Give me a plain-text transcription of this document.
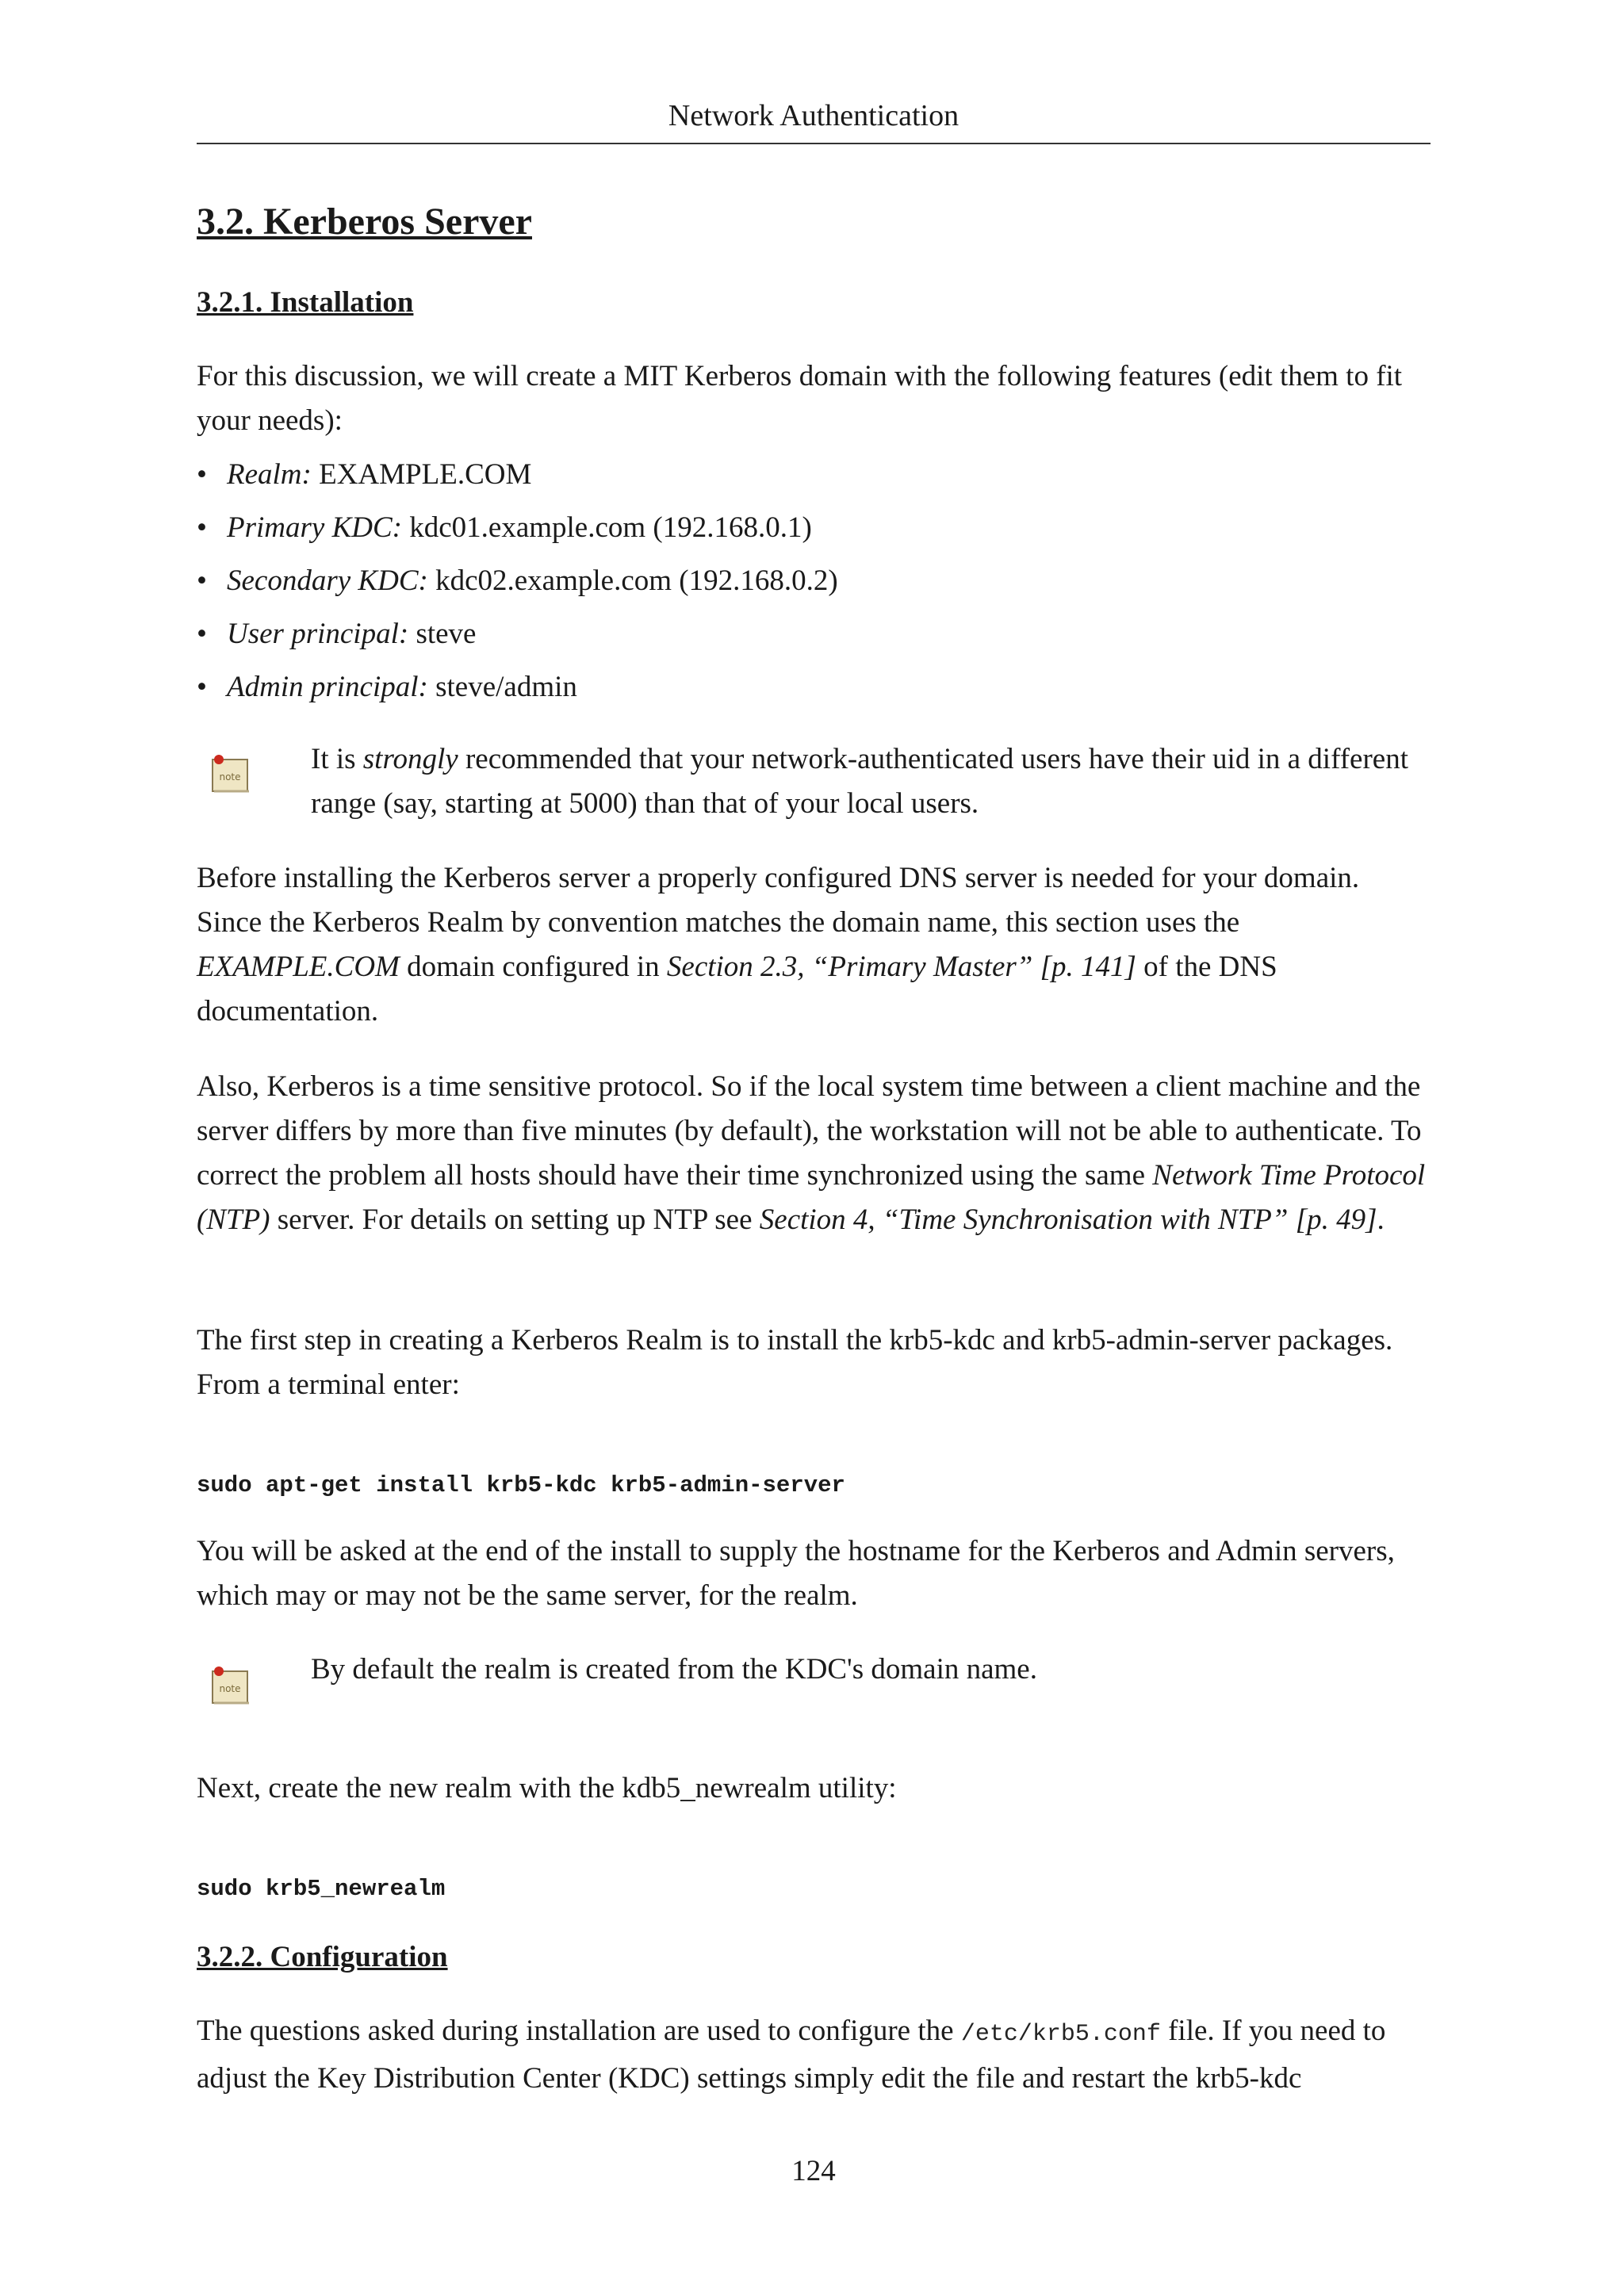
Network Authentication
3.2. Kerberos Server
3.2.1. Installation

For this discussion, we will create a MIT Kerberos domain with the following features (edit them to fit your needs):

• Realm: EXAMPLE.COM
• Primary KDC: kdc01.example.com (192.168.0.1)
• Secondary KDC: kdc02.example.com (192.168.0.2)
• User principal: steve
• Admin principal: steve/admin
note
It is strongly recommended that your network-authenticated users have their uid in a different range (say, starting at 5000) than that of your local users.

Before installing the Kerberos server a properly configured DNS server is needed for your domain. Since the Kerberos Realm by convention matches the domain name, this section uses the EXAMPLE.COM domain configured in Section 2.3, “Primary Master” [p. 141] of the DNS documentation.

Also, Kerberos is a time sensitive protocol. So if the local system time between a client machine and the server differs by more than five minutes (by default), the workstation will not be able to authenticate. To correct the problem all hosts should have their time synchronized using the same Network Time Protocol (NTP) server. For details on setting up NTP see Section 4, “Time Synchronisation with NTP” [p. 49].

The first step in creating a Kerberos Realm is to install the krb5-kdc and krb5-admin-server packages. From a terminal enter:

sudo apt-get install krb5-kdc krb5-admin-server

You will be asked at the end of the install to supply the hostname for the Kerberos and Admin servers, which may or may not be the same server, for the realm.

note
By default the realm is created from the KDC's domain name.

Next, create the new realm with the kdb5_newrealm utility:

sudo krb5_newrealm
3.2.2. Configuration

The questions asked during installation are used to configure the /etc/krb5.conf file. If you need to adjust the Key Distribution Center (KDC) settings simply edit the file and restart the krb5-kdc

124
